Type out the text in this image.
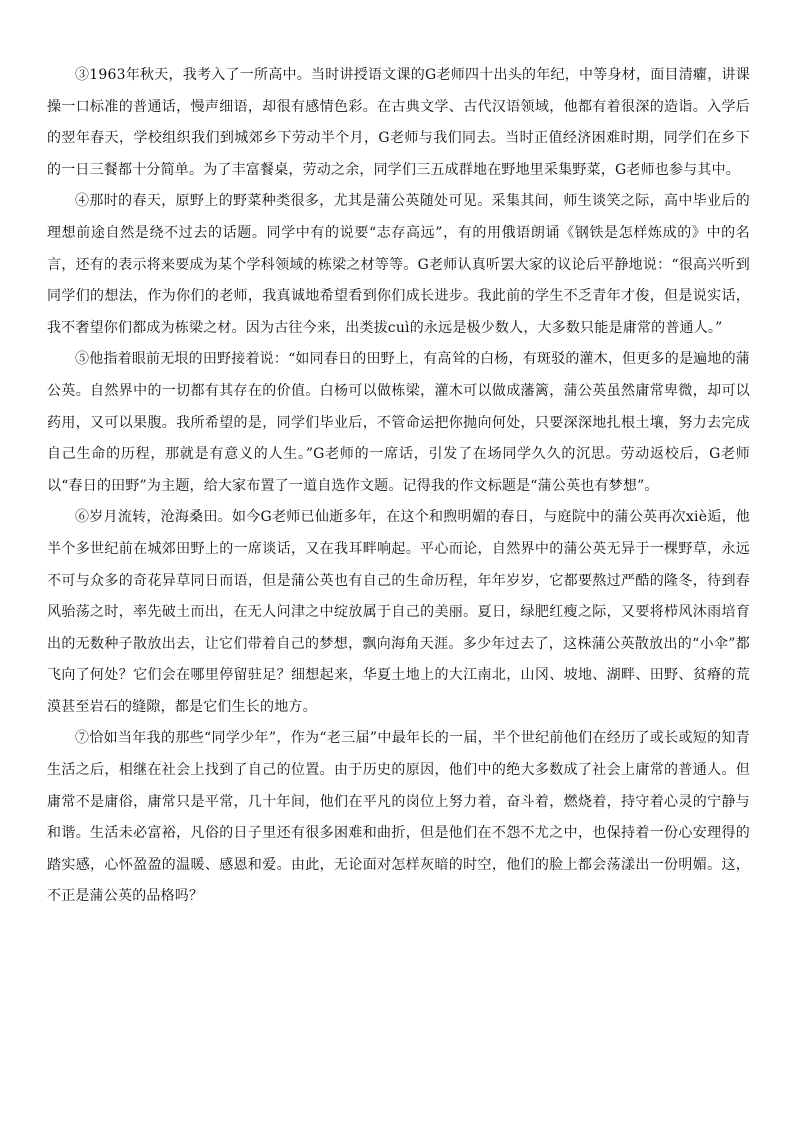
③1963年秋天，我考入了一所高中。当时讲授语文课的G老师四十出头的年纪，中等身材，面目清癯，讲课操一口标准的普通话，慢声细语，却很有感情色彩。在古典文学、古代汉语领域，他都有着很深的造诣。入学后的翌年春天，学校组织我们到城郊乡下劳动半个月，G老师与我们同去。当时正值经济困难时期，同学们在乡下的一日三餐都十分简单。为了丰富餐桌，劳动之余，同学们三五成群地在野地里采集野菜，G老师也参与其中。

④那时的春天，原野上的野菜种类很多，尤其是蒲公英随处可见。采集其间，师生谈笑之际，高中毕业后的理想前途自然是绕不过去的话题。同学中有的说要“志存高远”，有的用俄语朗诵《钢铁是怎样炼成的》中的名言，还有的表示将来要成为某个学科领域的栋梁之材等等。G老师认真听罢大家的议论后平静地说：“很高兴听到同学们的想法，作为你们的老师，我真诚地希望看到你们成长进步。我此前的学生不乏青年才俊，但是说实话，我不奢望你们都成为栋梁之材。因为古往今来，出类拔cuì的永远是极少数人，大多数只能是庸常的普通人。”

⑤他指着眼前无垠的田野接着说：“如同春日的田野上，有高耸的白杨，有斑驳的灌木，但更多的是遍地的蒲公英。自然界中的一切都有其存在的价值。白杨可以做栋梁，灌木可以做成藩篱，蒲公英虽然庸常卑微，却可以药用，又可以果腹。我所希望的是，同学们毕业后，不管命运把你抛向何处，只要深深地扎根土壤，努力去完成自己生命的历程，那就是有意义的人生。”G老师的一席话，引发了在场同学久久的沉思。劳动返校后，G老师以“春日的田野”为主题，给大家布置了一道自选作文题。记得我的作文标题是“蒲公英也有梦想”。

⑥岁月流转，沧海桑田。如今G老师已仙逝多年，在这个和煦明媚的春日，与庭院中的蒲公英再次xiè逅，他半个多世纪前在城郊田野上的一席谈话，又在我耳畔响起。平心而论，自然界中的蒲公英无异于一棵野草，永远不可与众多的奇花异草同日而语，但是蒲公英也有自己的生命历程，年年岁岁，它都要熬过严酷的隆冬，待到春风骀荡之时，率先破土而出，在无人问津之中绽放属于自己的美丽。夏日，绿肥红瘦之际，又要将栉风沐雨培育出的无数种子散放出去，让它们带着自己的梦想，飘向海角天涯。多少年过去了，这株蒲公英散放出的“小伞”都飞向了何处？它们会在哪里停留驻足？细想起来，华夏土地上的大江南北，山冈、坡地、湖畔、田野、贫瘠的荒漠甚至岩石的缝隙，都是它们生长的地方。

⑦恰如当年我的那些“同学少年”，作为“老三届”中最年长的一届，半个世纪前他们在经历了或长或短的知青生活之后，相继在社会上找到了自己的位置。由于历史的原因，他们中的绝大多数成了社会上庸常的普通人。但庸常不是庸俗，庸常只是平常，几十年间，他们在平凡的岗位上努力着，奋斗着，燃烧着，持守着心灵的宁静与和谐。生活未必富裕，凡俗的日子里还有很多困难和曲折，但是他们在不怨不尤之中，也保持着一份心安理得的踏实感，心怀盈盈的温暖、感恩和爱。由此，无论面对怎样灰暗的时空，他们的脸上都会荡漾出一份明媚。这，不正是蒲公英的品格吗？
